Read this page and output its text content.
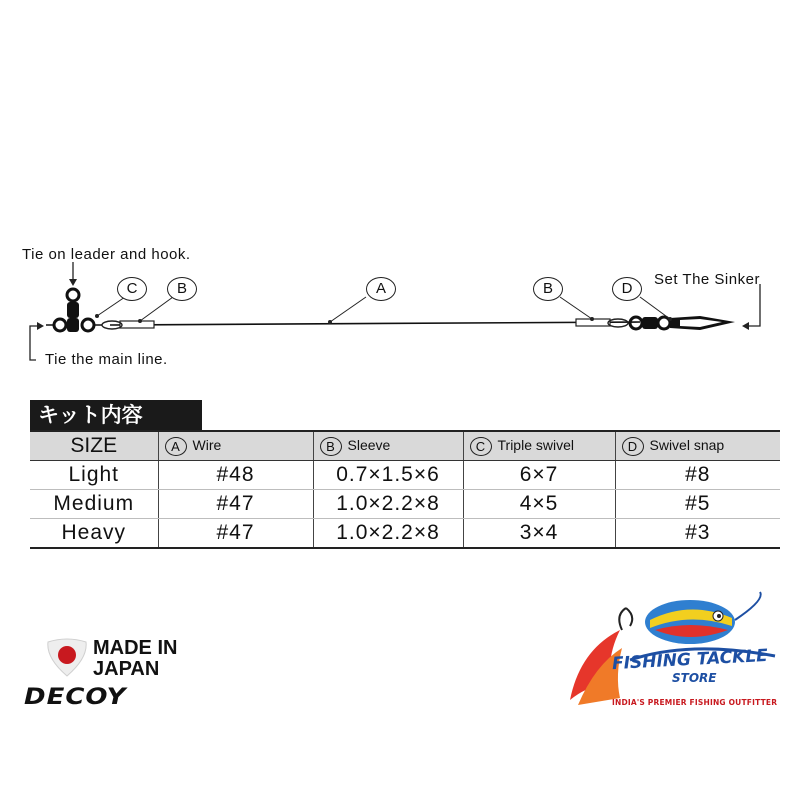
Tie on leader and hook.
Tie the main line.
Set The Sinker
C	B	A	B	D
キット内容
SIZE	A Wire	B Sleeve	C Triple swivel	D Swivel snap
Light	#48	0.7×1.5×6	6×7	#8
Medium	#47	1.0×2.2×8	4×5	#5
Heavy	#47	1.0×2.2×8	3×4	#3
MADE IN
JAPAN
DECOY
FISHING TACKLE
STORE
INDIA'S PREMIER FISHING OUTFITTER
